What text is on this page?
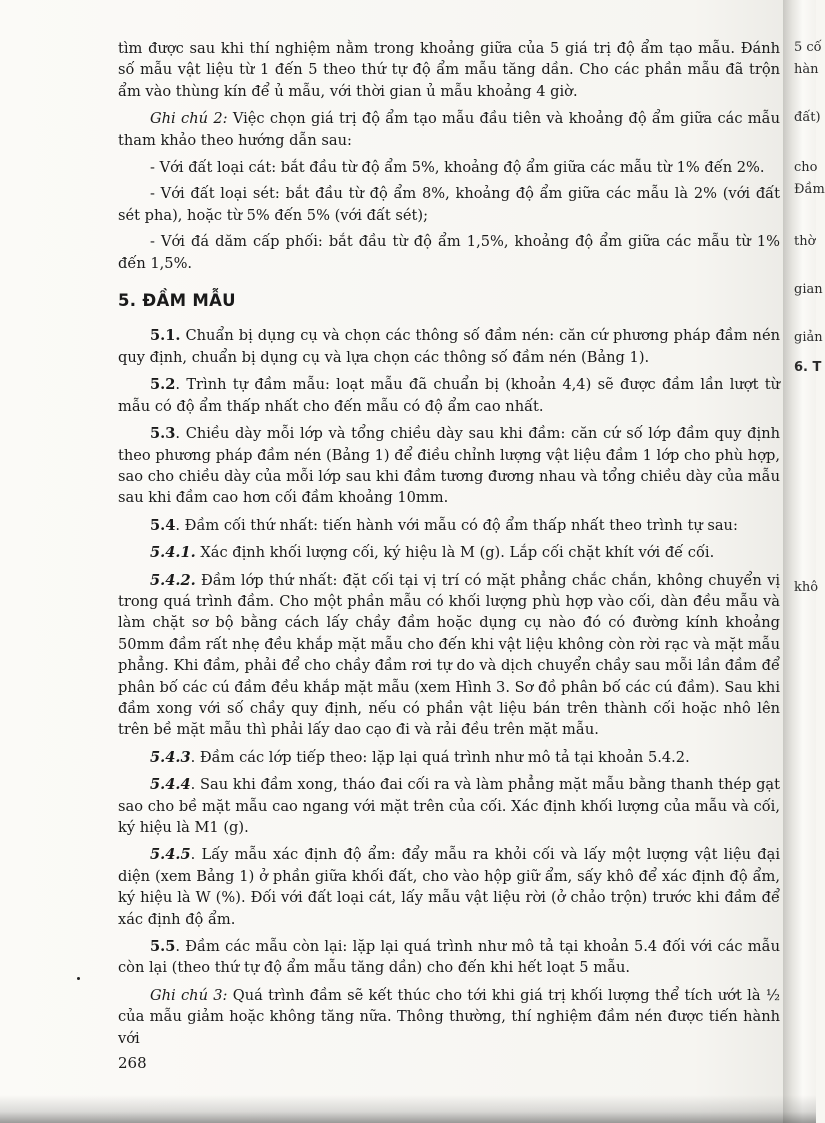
tìm được sau khi thí nghiệm nằm trong khoảng giữa của 5 giá trị độ ẩm tạo mẫu. Đánh số mẫu vật liệu từ 1 đến 5 theo thứ tự độ ẩm mẫu tăng dần. Cho các phần mẫu đã trộn ẩm vào thùng kín để ủ mẫu, với thời gian ủ mẫu khoảng 4 giờ.

Ghi chú 2: Việc chọn giá trị độ ẩm tạo mẫu đầu tiên và khoảng độ ẩm giữa các mẫu tham khảo theo hướng dẫn sau:

- Với đất loại cát: bắt đầu từ độ ẩm 5%, khoảng độ ẩm giữa các mẫu từ 1% đến 2%.

- Với đất loại sét: bắt đầu từ độ ẩm 8%, khoảng độ ẩm giữa các mẫu là 2% (với đất sét pha), hoặc từ 5% đến 5% (với đất sét);

- Với đá dăm cấp phối: bắt đầu từ độ ẩm 1,5%, khoảng độ ẩm giữa các mẫu từ 1% đến 1,5%.

5. ĐẦM MẪU

5.1. Chuẩn bị dụng cụ và chọn các thông số đầm nén: căn cứ phương pháp đầm nén quy định, chuẩn bị dụng cụ và lựa chọn các thông số đầm nén (Bảng 1).

5.2. Trình tự đầm mẫu: loạt mẫu đã chuẩn bị (khoản 4,4) sẽ được đầm lần lượt từ mẫu có độ ẩm thấp nhất cho đến mẫu có độ ẩm cao nhất.

5.3. Chiều dày mỗi lớp và tổng chiều dày sau khi đầm: căn cứ số lớp đầm quy định theo phương pháp đầm nén (Bảng 1) để điều chỉnh lượng vật liệu đầm 1 lớp cho phù hợp, sao cho chiều dày của mỗi lớp sau khi đầm tương đương nhau và tổng chiều dày của mẫu sau khi đầm cao hơn cối đầm khoảng 10mm.

5.4. Đầm cối thứ nhất: tiến hành với mẫu có độ ẩm thấp nhất theo trình tự sau:

5.4.1. Xác định khối lượng cối, ký hiệu là M (g). Lắp cối chặt khít với đế cối.

5.4.2. Đầm lớp thứ nhất: đặt cối tại vị trí có mặt phẳng chắc chắn, không chuyển vị trong quá trình đầm. Cho một phần mẫu có khối lượng phù hợp vào cối, dàn đều mẫu và làm chặt sơ bộ bằng cách lấy chầy đầm hoặc dụng cụ nào đó có đường kính khoảng 50mm đầm rất nhẹ đều khắp mặt mẫu cho đến khi vật liệu không còn rời rạc và mặt mẫu phẳng. Khi đầm, phải để cho chầy đầm rơi tự do và dịch chuyển chầy sau mỗi lần đầm để phân bố các cú đầm đều khắp mặt mẫu (xem Hình 3. Sơ đồ phân bố các cú đầm). Sau khi đầm xong với số chầy quy định, nếu có phần vật liệu bán trên thành cối hoặc nhô lên trên bề mặt mẫu thì phải lấy dao cạo đi và rải đều trên mặt mẫu.

5.4.3. Đầm các lớp tiếp theo: lặp lại quá trình như mô tả tại khoản 5.4.2.

5.4.4. Sau khi đầm xong, tháo đai cối ra và làm phẳng mặt mẫu bằng thanh thép gạt sao cho bề mặt mẫu cao ngang với mặt trên của cối. Xác định khối lượng của mẫu và cối, ký hiệu là M1 (g).

5.4.5. Lấy mẫu xác định độ ẩm: đẩy mẫu ra khỏi cối và lấy một lượng vật liệu đại diện (xem Bảng 1) ở phần giữa khối đất, cho vào hộp giữ ẩm, sấy khô để xác định độ ẩm, ký hiệu là W (%). Đối với đất loại cát, lấy mẫu vật liệu rời (ở chảo trộn) trước khi đầm để xác định độ ẩm.

5.5. Đầm các mẫu còn lại: lặp lại quá trình như mô tả tại khoản 5.4 đối với các mẫu còn lại (theo thứ tự độ ẩm mẫu tăng dần) cho đến khi hết loạt 5 mẫu.

Ghi chú 3: Quá trình đầm sẽ kết thúc cho tới khi giá trị khối lượng thể tích ướt là ½ của mẫu giảm hoặc không tăng nữa. Thông thường, thí nghiệm đầm nén được tiến hành với

268
5 cố
hàn
đất)
cho
Đầm
thờ
gian
giản
6. T
khô
